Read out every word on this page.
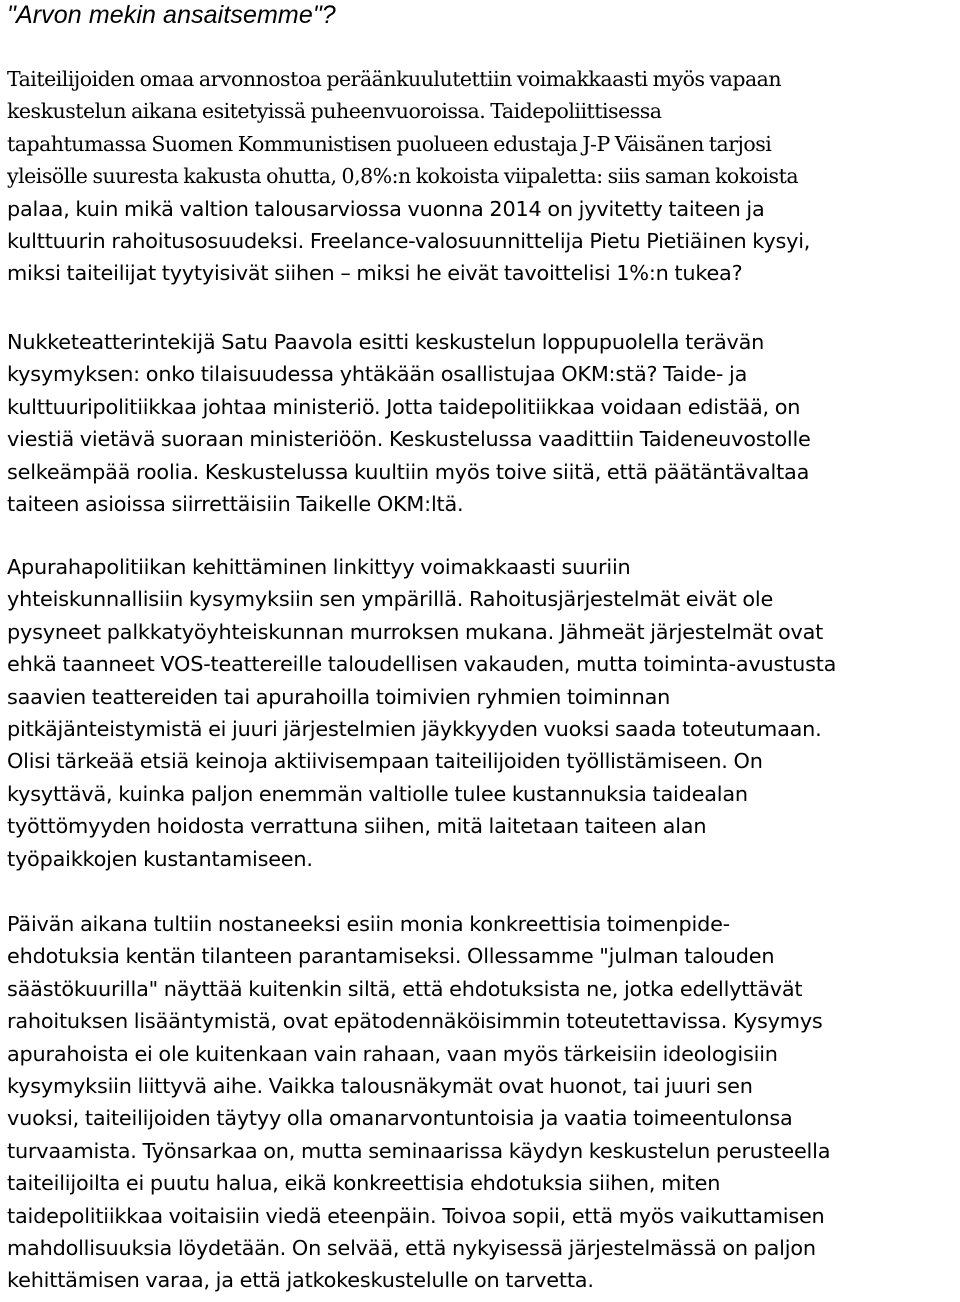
"Arvon mekin ansaitsemme"?

Taiteilijoiden omaa arvonnostoa peräänkuulutettiin voimakkaasti myös vapaan
keskustelun aikana esitetyissä puheenvuoroissa. Taidepoliittisessa
tapahtumassa Suomen Kommunistisen puolueen edustaja J-P Väisänen tarjosi
yleisölle suuresta kakusta ohutta, 0,8%:n kokoista viipaletta: siis saman kokoista
palaa, kuin mikä valtion talousarviossa vuonna 2014 on jyvitetty taiteen ja
kulttuurin rahoitusosuudeksi. Freelance-valosuunnittelija Pietu Pietiäinen kysyi,
miksi taiteilijat tyytyisivät siihen – miksi he eivät tavoittelisi 1%:n tukea?

Nukketeatterintekijä Satu Paavola esitti keskustelun loppupuolella terävän
kysymyksen: onko tilaisuudessa yhtäkään osallistujaa OKM:stä? Taide- ja
kulttuuripolitiikkaa johtaa ministeriö. Jotta taidepolitiikkaa voidaan edistää, on
viestiä vietävä suoraan ministeriöön. Keskustelussa vaadittiin Taideneuvostolle
selkeämpää roolia. Keskustelussa kuultiin myös toive siitä, että päätäntävaltaa
taiteen asioissa siirrettäisiin Taikelle OKM:ltä.

Apurahapolitiikan kehittäminen linkittyy voimakkaasti suuriin
yhteiskunnallisiin kysymyksiin sen ympärillä. Rahoitusjärjestelmät eivät ole
pysyneet palkkatyöyhteiskunnan murroksen mukana. Jähmeät järjestelmät ovat
ehkä taanneet VOS-teattereille taloudellisen vakauden, mutta toiminta-avustusta
saavien teattereiden tai apurahoilla toimivien ryhmien toiminnan
pitkäjänteistymistä ei juuri järjestelmien jäykkyyden vuoksi saada toteutumaan.
Olisi tärkeää etsiä keinoja aktiivisempaan taiteilijoiden työllistämiseen. On
kysyttävä, kuinka paljon enemmän valtiolle tulee kustannuksia taidealan
työttömyyden hoidosta verrattuna siihen, mitä laitetaan taiteen alan
työpaikkojen kustantamiseen.

Päivän aikana tultiin nostaneeksi esiin monia konkreettisia toimenpide-
ehdotuksia kentän tilanteen parantamiseksi. Ollessamme "julman talouden
säästökuurilla" näyttää kuitenkin siltä, että ehdotuksista ne, jotka edellyttävät
rahoituksen lisääntymistä, ovat epätodennäköisimmin toteutettavissa. Kysymys
apurahoista ei ole kuitenkaan vain rahaan, vaan myös tärkeisiin ideologisiin
kysymyksiin liittyvä aihe. Vaikka talousnäkymät ovat huonot, tai juuri sen
vuoksi, taiteilijoiden täytyy olla omanarvontuntoisia ja vaatia toimeentulonsa
turvaamista. Työnsarkaa on, mutta seminaarissa käydyn keskustelun perusteella
taiteilijoilta ei puutu halua, eikä konkreettisia ehdotuksia siihen, miten
taidepolitiikkaa voitaisiin viedä eteenpäin. Toivoa sopii, että myös vaikuttamisen
mahdollisuuksia löydetään. On selvää, että nykyisessä järjestelmässä on paljon
kehittämisen varaa, ja että jatkokeskustelulle on tarvetta.
